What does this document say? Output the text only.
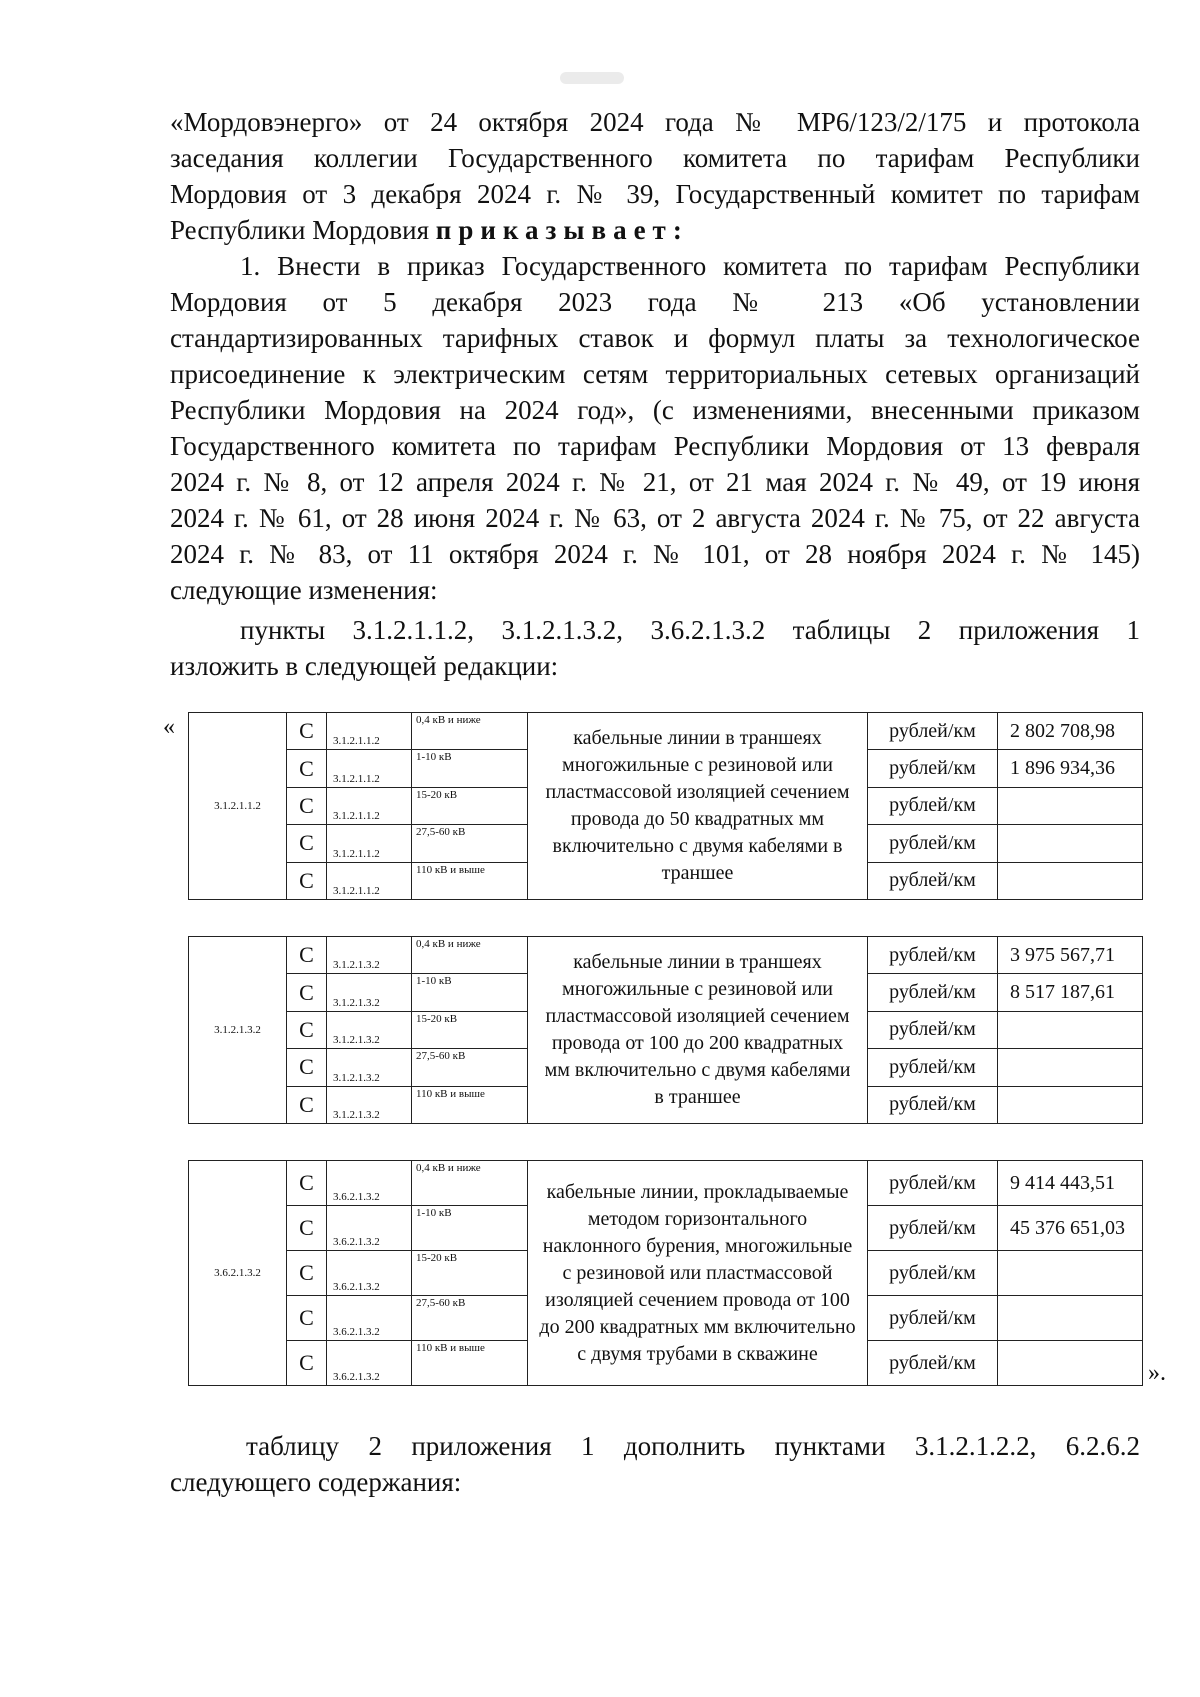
«Мордовэнерго» от 24 октября 2024 года № МР6/123/2/175 и протокола
заседания коллегии Государственного комитета по тарифам Республики
Мордовия от 3 декабря 2024 г. № 39, Государственный комитет по тарифам
Республики Мордовия приказывает:
1. Внести в приказ Государственного комитета по тарифам Республики
Мордовия от 5 декабря 2023 года № 213 «Об установлении
стандартизированных тарифных ставок и формул платы за технологическое
присоединение к электрическим сетям территориальных сетевых организаций
Республики Мордовия на 2024 год», (с изменениями, внесенными приказом
Государственного комитета по тарифам Республики Мордовия от 13 февраля
2024 г. № 8, от 12 апреля 2024 г. № 21, от 21 мая 2024 г. № 49, от 19 июня
2024 г. № 61, от 28 июня 2024 г. № 63, от 2 августа 2024 г. № 75, от 22 августа
2024 г. № 83, от 11 октября 2024 г. № 101, от 28 ноября 2024 г. № 145)
следующие изменения:
пункты 3.1.2.1.1.2, 3.1.2.1.3.2, 3.6.2.1.3.2 таблицы 2 приложения 1
изложить в следующей редакции:
«
3.1.2.1.1.2	С	3.1.2.1.1.2	0,4 кВ и ниже	кабельные линии в траншеях многожильные с резиновой или пластмассовой изоляцией сечением провода до 50 квадратных мм включительно с двумя кабелями в траншее	рублей/км	2 802 708,98
	С	3.1.2.1.1.2	1-10 кВ		рублей/км	1 896 934,36
	С	3.1.2.1.1.2	15-20 кВ		рублей/км	
	С	3.1.2.1.1.2	27,5-60 кВ		рублей/км	
	С	3.1.2.1.1.2	110 кВ и выше		рублей/км	
3.1.2.1.3.2	С	3.1.2.1.3.2	0,4 кВ и ниже	кабельные линии в траншеях многожильные с резиновой или пластмассовой изоляцией сечением провода от 100 до 200 квадратных мм включительно с двумя кабелями в траншее	рублей/км	3 975 567,71
	С	3.1.2.1.3.2	1-10 кВ		рублей/км	8 517 187,61
	С	3.1.2.1.3.2	15-20 кВ		рублей/км	
	С	3.1.2.1.3.2	27,5-60 кВ		рублей/км	
	С	3.1.2.1.3.2	110 кВ и выше		рублей/км	
3.6.2.1.3.2	С	3.6.2.1.3.2	0,4 кВ и ниже	кабельные линии, прокладываемые методом горизонтального наклонного бурения, многожильные с резиновой или пластмассовой изоляцией сечением провода от 100 до 200 квадратных мм включительно с двумя трубами в скважине	рублей/км	9 414 443,51
	С	3.6.2.1.3.2	1-10 кВ		рублей/км	45 376 651,03
	С	3.6.2.1.3.2	15-20 кВ		рублей/км	
	С	3.6.2.1.3.2	27,5-60 кВ		рублей/км	
	С	3.6.2.1.3.2	110 кВ и выше		рублей/км		».
таблицу 2 приложения 1 дополнить пунктами 3.1.2.1.2.2, 6.2.6.2
следующего содержания:
